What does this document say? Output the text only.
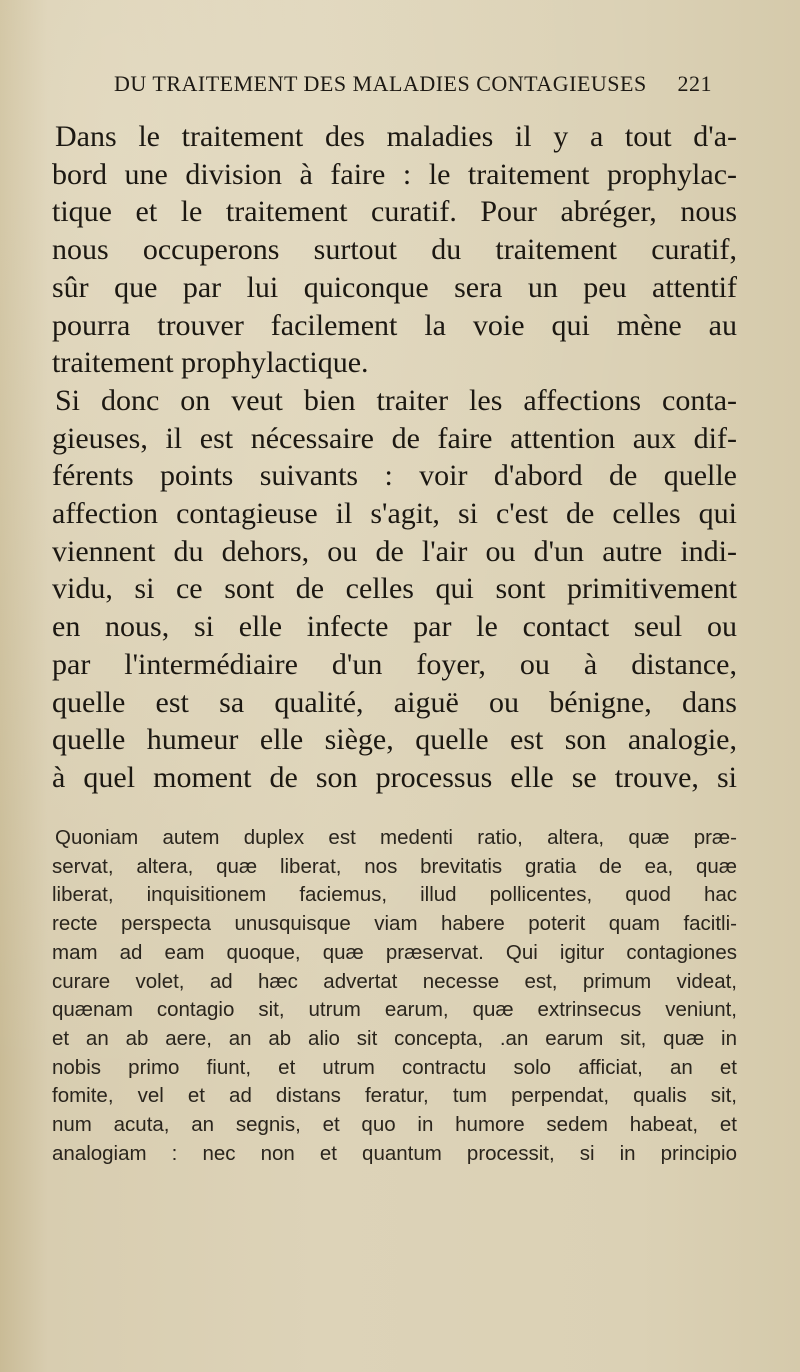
DU TRAITEMENT DES MALADIES CONTAGIEUSES 221
Dans le traitement des maladies il y a tout d'a-
bord une division à faire : le traitement prophylac-
tique et le traitement curatif. Pour abréger, nous
nous occuperons surtout du traitement curatif,
sûr que par lui quiconque sera un peu attentif
pourra trouver facilement la voie qui mène au
traitement prophylactique.
Si donc on veut bien traiter les affections conta-
gieuses, il est nécessaire de faire attention aux dif-
férents points suivants : voir d'abord de quelle
affection contagieuse il s'agit, si c'est de celles qui
viennent du dehors, ou de l'air ou d'un autre indi-
vidu, si ce sont de celles qui sont primitivement
en nous, si elle infecte par le contact seul ou
par l'intermédiaire d'un foyer, ou à distance,
quelle est sa qualité, aiguë ou bénigne, dans
quelle humeur elle siège, quelle est son analogie,
à quel moment de son processus elle se trouve, si
Quoniam autem duplex est medenti ratio, altera, quæ præ-
servat, altera, quæ liberat, nos brevitatis gratia de ea, quæ
liberat, inquisitionem faciemus, illud pollicentes, quod hac
recte perspecta unusquisque viam habere poterit quam facitli-
mam ad eam quoque, quæ præservat. Qui igitur contagiones
curare volet, ad hæc advertat necesse est, primum videat,
quænam contagio sit, utrum earum, quæ extrinsecus veniunt,
et an ab aere, an ab alio sit concepta, .an earum sit, quæ in
nobis primo fiunt, et utrum contractu solo afficiat, an et
fomite, vel et ad distans feratur, tum perpendat, qualis sit,
num acuta, an segnis, et quo in humore sedem habeat, et
analogiam : nec non et quantum processit, si in principio
